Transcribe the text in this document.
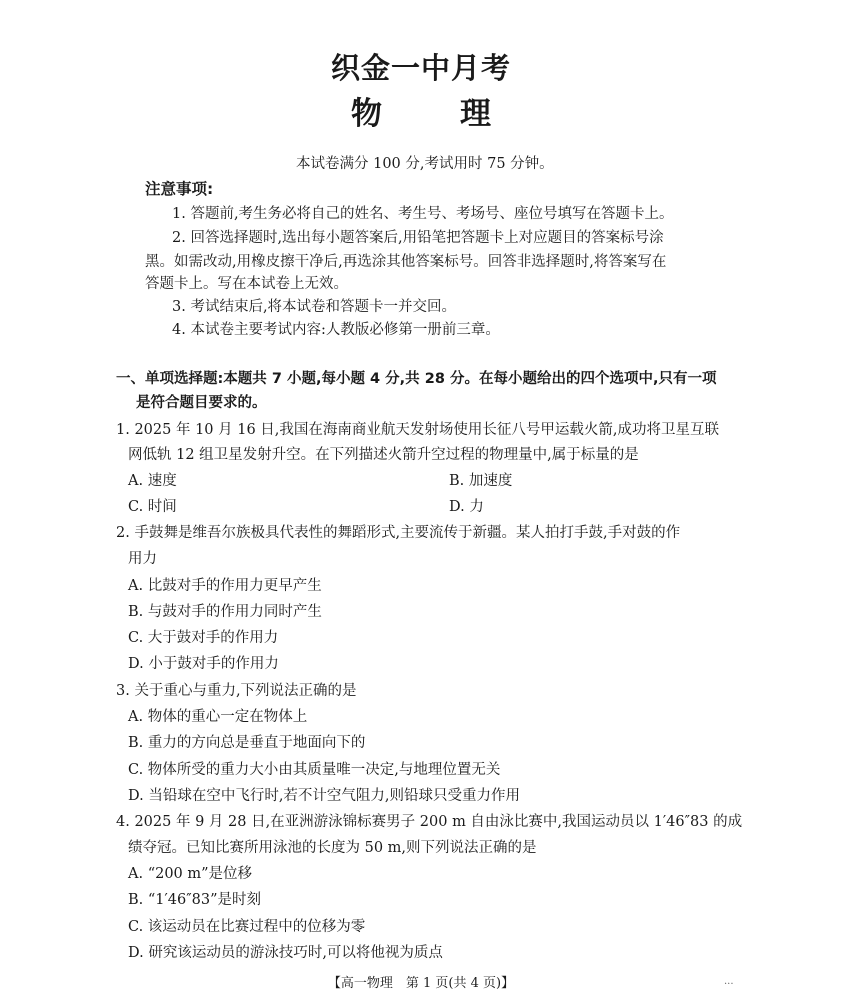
织金一中月考
物	理
本试卷满分 100 分,考试用时 75 分钟。
注意事项:
1. 答题前,考生务必将自己的姓名、考生号、考场号、座位号填写在答题卡上。
2. 回答选择题时,选出每小题答案后,用铅笔把答题卡上对应题目的答案标号涂
黑。如需改动,用橡皮擦干净后,再选涂其他答案标号。回答非选择题时,将答案写在
答题卡上。写在本试卷上无效。
3. 考试结束后,将本试卷和答题卡一并交回。
4. 本试卷主要考试内容:人教版必修第一册前三章。
一、单项选择题:本题共 7 小题,每小题 4 分,共 28 分。在每小题给出的四个选项中,只有一项
是符合题目要求的。
1. 2025 年 10 月 16 日,我国在海南商业航天发射场使用长征八号甲运载火箭,成功将卫星互联
网低轨 12 组卫星发射升空。在下列描述火箭升空过程的物理量中,属于标量的是
A. 速度	B. 加速度
C. 时间	D. 力
2. 手鼓舞是维吾尔族极具代表性的舞蹈形式,主要流传于新疆。某人拍打手鼓,手对鼓的作
用力
A. 比鼓对手的作用力更早产生
B. 与鼓对手的作用力同时产生
C. 大于鼓对手的作用力
D. 小于鼓对手的作用力
3. 关于重心与重力,下列说法正确的是
A. 物体的重心一定在物体上
B. 重力的方向总是垂直于地面向下的
C. 物体所受的重力大小由其质量唯一决定,与地理位置无关
D. 当铅球在空中飞行时,若不计空气阻力,则铅球只受重力作用
4. 2025 年 9 月 28 日,在亚洲游泳锦标赛男子 200 m 自由泳比赛中,我国运动员以 1′46″83 的成
绩夺冠。已知比赛所用泳池的长度为 50 m,则下列说法正确的是
A. “200 m”是位移
B. “1′46″83”是时刻
C. 该运动员在比赛过程中的位移为零
D. 研究该运动员的游泳技巧时,可以将他视为质点
【高一物理　第 1 页(共 4 页)】	...
